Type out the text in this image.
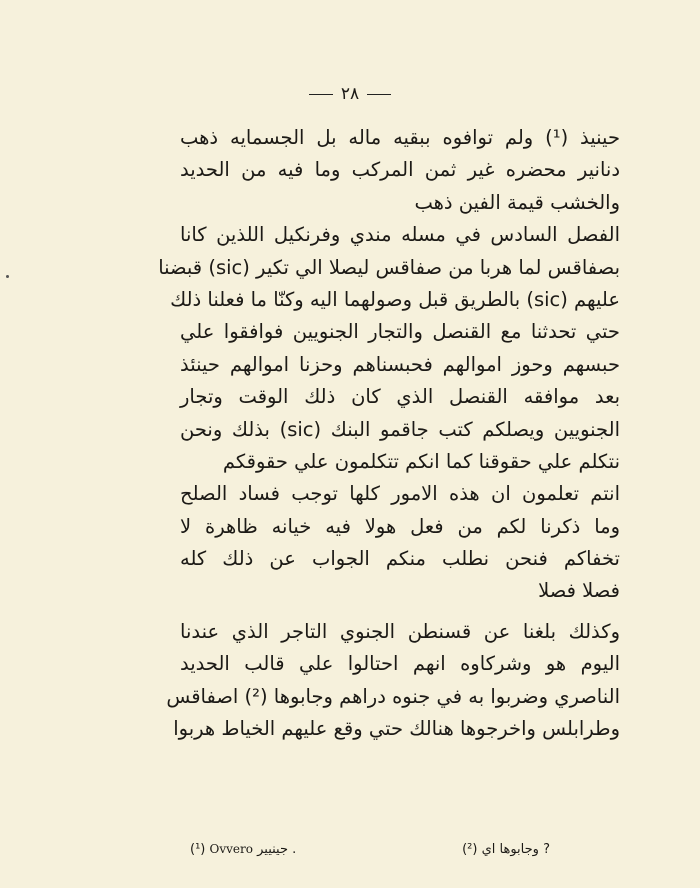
٢٨
حينيذ (¹) ولم توافوه ببقيه ماله بل الجسمايه ذهب
دنانير محضره غير ثمن المركب وما فيه من الحديد
والخشب قيمة الفين ذهب
الفصل السادس في مسله مندي وفرنكيل اللذين كانا
بصفاقس لما هربا من صفاقس ليصلا الي تكير (sic) قبضنا
عليهم (sic) بالطريق قبل وصولهما اليه وكنّا ما فعلنا ذلك
حتي تحدثنا مع القنصل والتجار الجنويين فوافقوا علي
حبسهم وحوز اموالهم فحبسناهم وحزنا اموالهم حينئذ
بعد موافقه القنصل الذي كان ذلك الوقت وتجار
الجنويين ويصلكم كتب جاقمو البنك (sic) بذلك ونحن
نتكلم علي حقوقنا كما انكم تتكلمون علي حقوقكم
انتم تعلمون ان هذه الامور كلها توجب فساد الصلح
وما ذكرنا لكم من فعل هولا فيه خيانه ظاهرة لا
تخفاكم فنحن نطلب منكم الجواب عن ذلك كله
فصلا فصلا
وكذلك بلغنا عن قسنطن الجنوي التاجر الذي عندنا
اليوم هو وشركاوه انهم احتالوا علي قالب الحديد
الناصري وضربوا به في جنوه دراهم وجابوها (²) اصفاقس
وطرابلس واخرجوها هنالك حتي وقع عليهم الخياط هربوا
(¹) Ovvero جينيير .	(²) وجابوها اي ?
